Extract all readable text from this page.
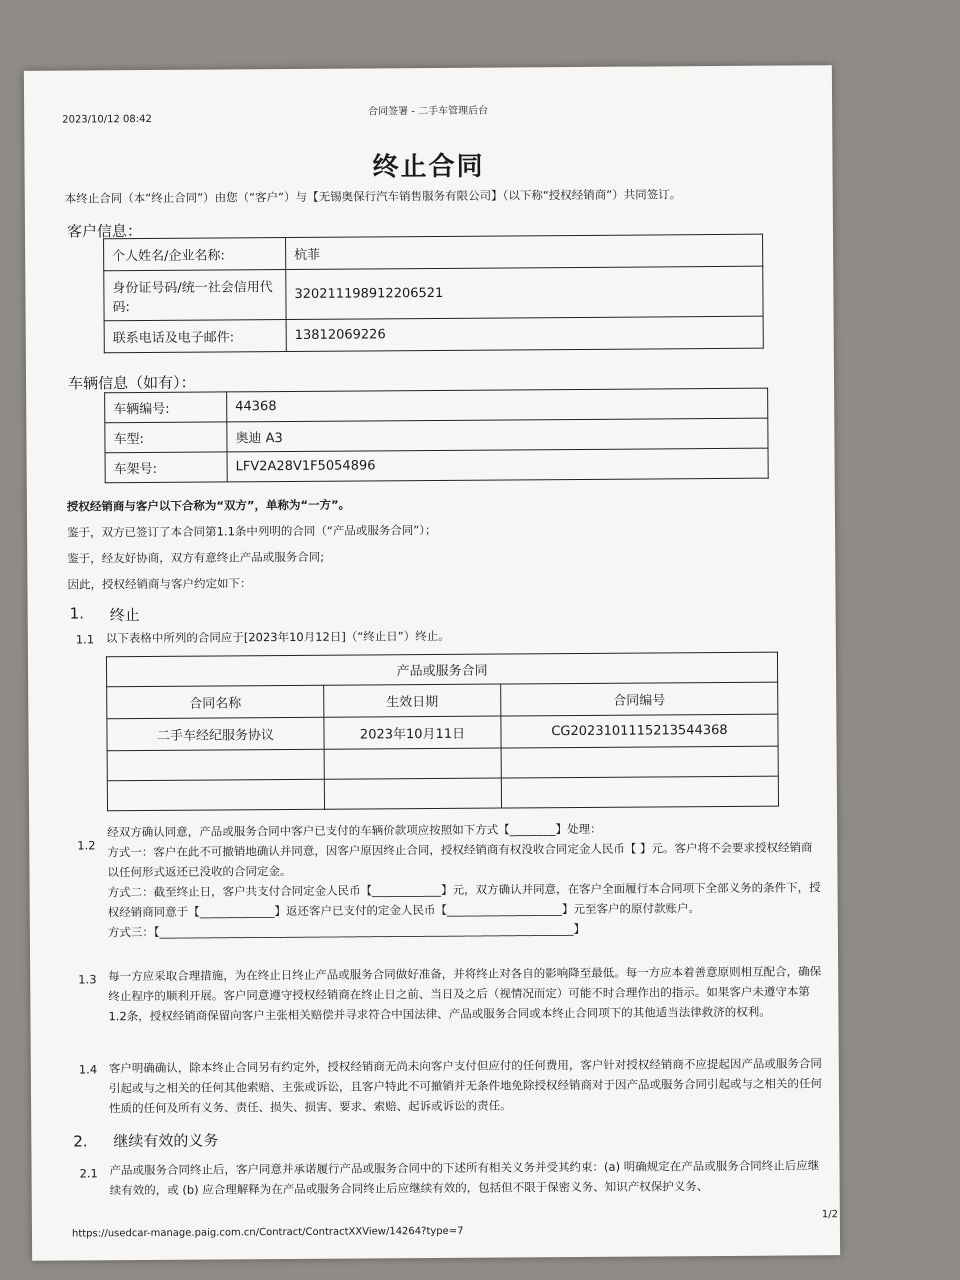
2023/10/12 08:42
合同签署 - 二手车管理后台
终止合同
本终止合同（本“终止合同”）由您（“客户”）与【无锡奥保行汽车销售服务有限公司】（以下称“授权经销商”）共同签订。
客户信息：
个人姓名/企业名称:	杭菲
身份证号码/统一社会信用代码:	320211198912206521
联系电话及电子邮件:	13812069226
车辆信息（如有）：
车辆编号:	44368
车型:	奥迪 A3
车架号:	LFV2A28V1F5054896
授权经销商与客户以下合称为“双方”，单称为“一方”。
鉴于，双方已签订了本合同第1.1条中列明的合同（“产品或服务合同”）；
鉴于，经友好协商，双方有意终止产品或服务合同;
因此，授权经销商与客户约定如下：
1. 终止
1.1 以下表格中所列的合同应于[2023年10月12日]（“终止日”）终止。
产品或服务合同		
合同名称	生效日期	合同编号
二手车经纪服务协议	2023年10月11日	CG2023101115213544368

1.2
经双方确认同意，产品或服务合同中客户已支付的车辆价款项应按照如下方式【________】处理：
方式一：客户在此不可撤销地确认并同意，因客户原因终止合同，授权经销商有权没收合同定金人民币【 】元。客户将不会要求授权经销商以任何形式返还已没收的合同定金。
方式二：截至终止日，客户共支付合同定金人民币【____________】元，双方确认并同意，在客户全面履行本合同项下全部义务的条件下，授权经销商同意于【_____________】返还客户已支付的定金人民币【____________________】元至客户的原付款账户。
方式三：【________________________________________________________________________】
1.3 每一方应采取合理措施，为在终止日终止产品或服务合同做好准备，并将终止对各自的影响降至最低。每一方应本着善意原则相互配合，确保终止程序的顺利开展。客户同意遵守授权经销商在终止日之前、当日及之后（视情况而定）可能不时合理作出的指示。如果客户未遵守本第1.2条，授权经销商保留向客户主张相关赔偿并寻求符合中国法律、产品或服务合同或本终止合同项下的其他适当法律救济的权利。
1.4 客户明确确认，除本终止合同另有约定外，授权经销商无尚未向客户支付但应付的任何费用，客户针对授权经销商不应提起因产品或服务合同引起或与之相关的任何其他索赔、主张或诉讼，且客户特此不可撤销并无条件地免除授权经销商对于因产品或服务合同引起或与之相关的任何性质的任何及所有义务、责任、损失、损害、要求、索赔、起诉或诉讼的责任。
2. 继续有效的义务
2.1 产品或服务合同终止后，客户同意并承诺履行产品或服务合同中的下述所有相关义务并受其约束：(a) 明确规定在产品或服务合同终止后应继续有效的，或 (b) 应合理解释为在产品或服务合同终止后应继续有效的，包括但不限于保密义务、知识产权保护义务、
https://usedcar-manage.paig.com.cn/Contract/ContractXXView/14264?type=7
1/2
